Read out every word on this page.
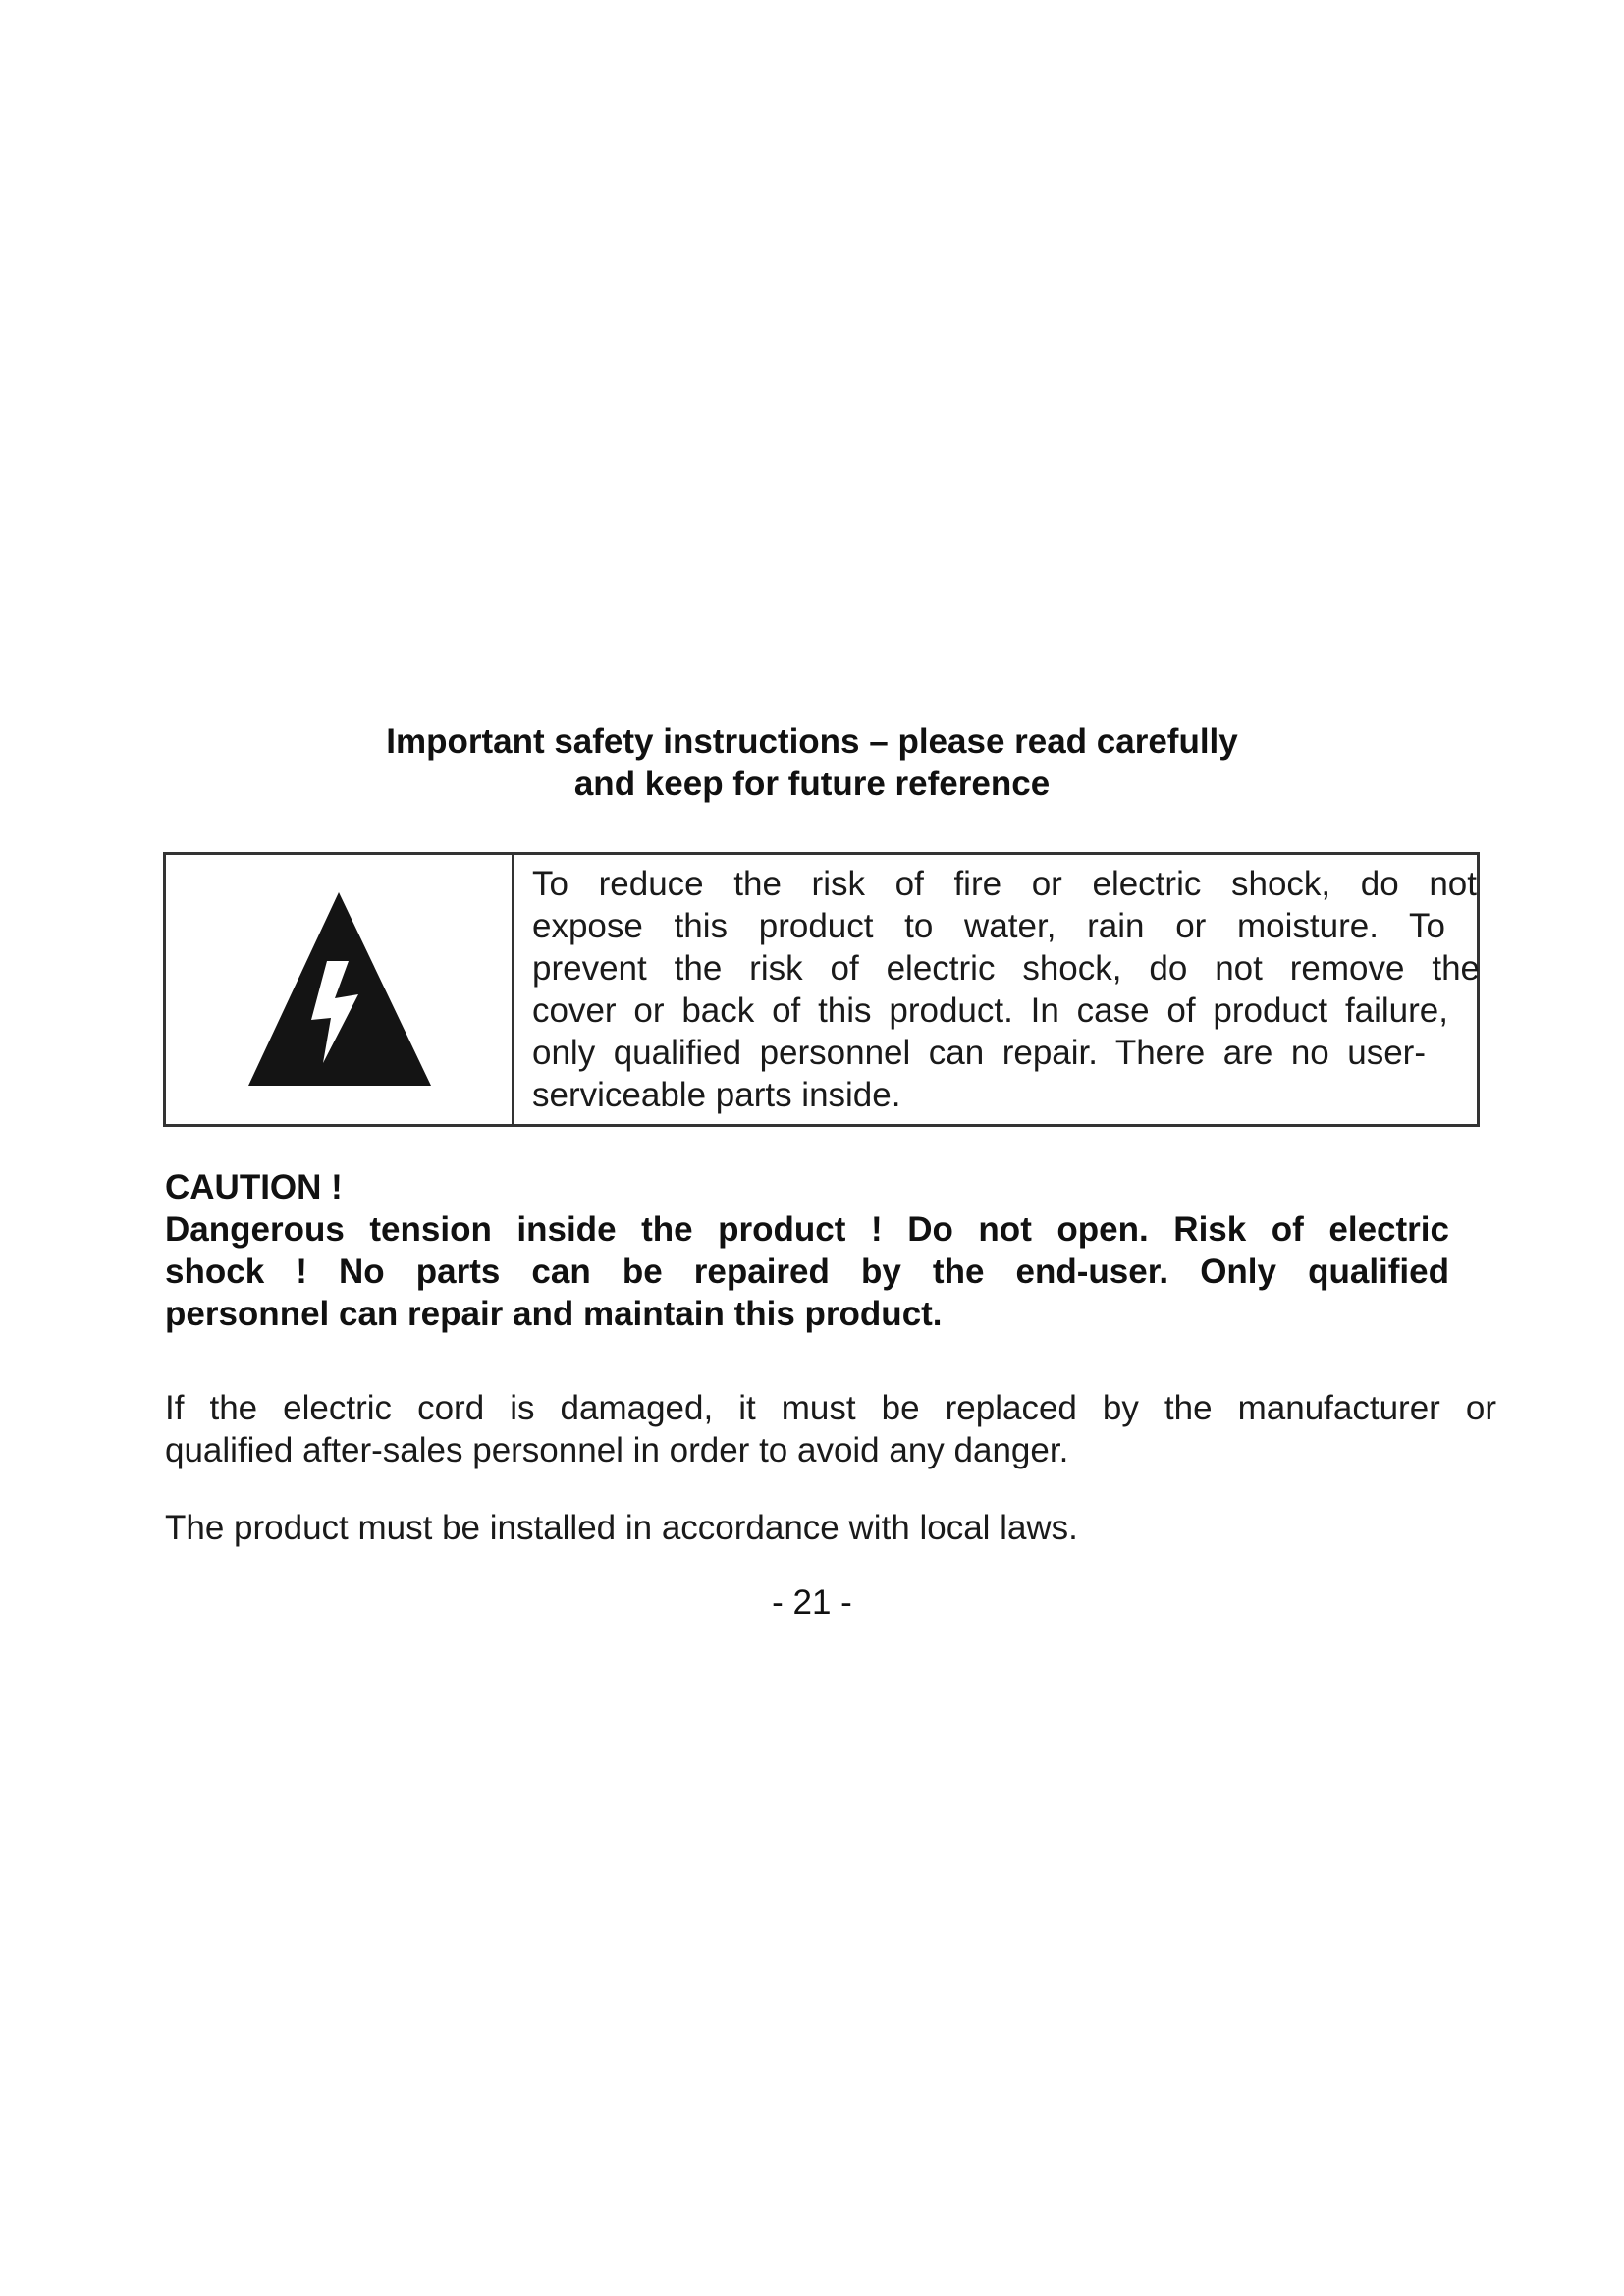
Important safety instructions – please read carefully
and keep for future reference
To reduce the risk of fire or electric shock, do not
expose this product to water, rain or moisture. To
prevent the risk of electric shock, do not remove the
cover or back of this product. In case of product failure,
only qualified personnel can repair. There are no user-
serviceable parts inside.
CAUTION !
Dangerous tension inside the product ! Do not open. Risk of electric
shock ! No parts can be repaired by the end-user. Only qualified
personnel can repair and maintain this product.
If the electric cord is damaged, it must be replaced by the manufacturer or
qualified after-sales personnel in order to avoid any danger.
The product must be installed in accordance with local laws.
- 21 -
